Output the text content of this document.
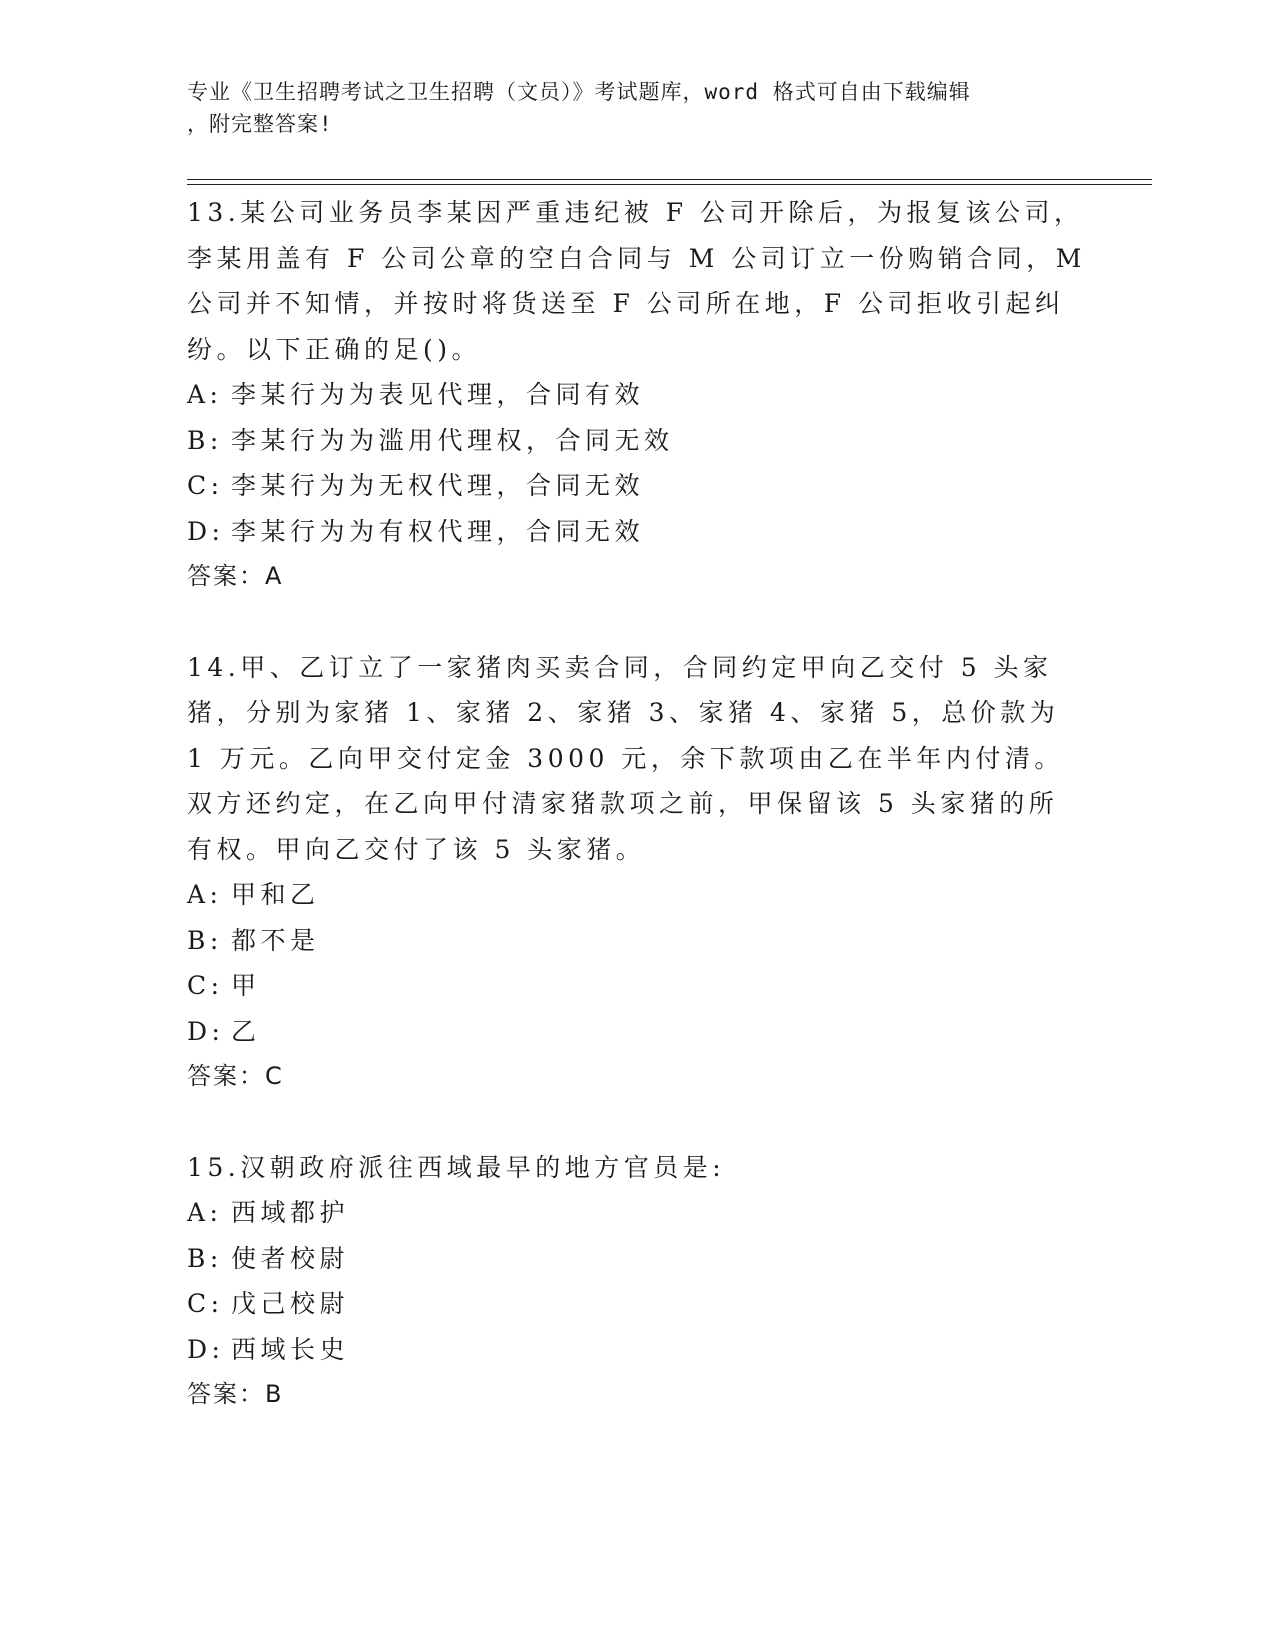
专业《卫生招聘考试之卫生招聘（文员）》考试题库，word 格式可自由下载编辑
，附完整答案!

13.某公司业务员李某因严重违纪被 F 公司开除后，为报复该公司，李某用盖有 F 公司公章的空白合同与 M 公司订立一份购销合同，M 公司并不知情，并按时将货送至 F 公司所在地，F 公司拒收引起纠纷。以下正确的足()。

A: 李某行为为表见代理，合同有效

B: 李某行为为滥用代理权，合同无效

C: 李某行为为无权代理，合同无效

D: 李某行为为有权代理，合同无效

答案：A

14.甲、乙订立了一家猪肉买卖合同，合同约定甲向乙交付 5 头家猪，分别为家猪 1、家猪 2、家猪 3、家猪 4、家猪 5，总价款为 1 万元。乙向甲交付定金 3000 元，余下款项由乙在半年内付清。双方还约定，在乙向甲付清家猪款项之前，甲保留该 5 头家猪的所有权。甲向乙交付了该 5 头家猪。

A: 甲和乙

B: 都不是

C: 甲

D: 乙

答案：C

15.汉朝政府派往西域最早的地方官员是:

A: 西域都护

B: 使者校尉

C: 戊己校尉

D: 西域长史

答案：B
